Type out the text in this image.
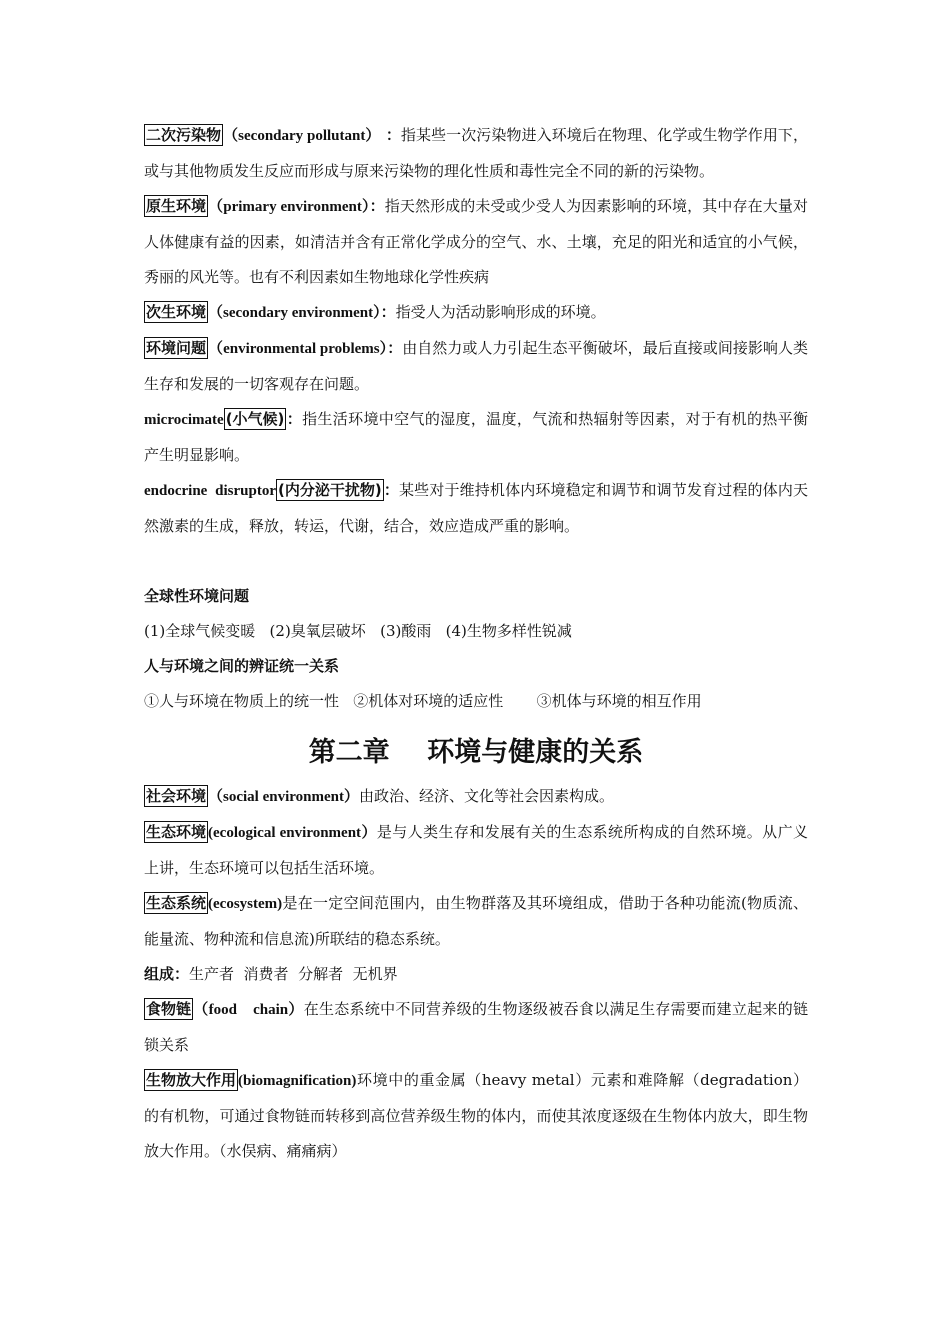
二次污染物 （secondary pollutant） ：指某些一次污染物进入环境后在物理、化学或生物学作用下，或与其他物质发生反应而形成与原来污染物的理化性质和毒性完全不同的新的污染物。

原生环境 （primary environment）：指天然形成的未受或少受人为因素影响的环境，其中存在大量对人体健康有益的因素，如清洁并含有正常化学成分的空气、水、土壤，充足的阳光和适宜的小气候，秀丽的风光等。也有不利因素如生物地球化学性疾病

次生环境 （secondary environment）：指受人为活动影响形成的环境。

环境问题 （environmental problems）：由自然力或人力引起生态平衡破坏，最后直接或间接影响人类生存和发展的一切客观存在问题。

microcimate (小气候) ：指生活环境中空气的湿度，温度，气流和热辐射等因素，对于有机的热平衡产生明显影响。

endocrine  disruptor (内分泌干扰物) ：某些对于维持机体内环境稳定和调节和调节发育过程的体内天然激素的生成，释放，转运，代谢，结合，效应造成严重的影响。

全球性环境问题

(1)全球气候变暖   (2)臭氧层破坏   (3)酸雨   (4)生物多样性锐减

人与环境之间的辨证统一关系

①人与环境在物质上的统一性   ②机体对环境的适应性       ③机体与环境的相互作用

第二章    环境与健康的关系

社会环境 （social environment）由政治、经济、文化等社会因素构成。

生态环境 (ecological environment）是与人类生存和发展有关的生态系统所构成的自然环境。从广义上讲，生态环境可以包括生活环境。

生态系统 (ecosystem)是在一定空间范围内，由生物群落及其环境组成，借助于各种功能流(物质流、能量流、物种流和信息流)所联结的稳态系统。

组成：生产者  消费者  分解者  无机界

食物链 （food    chain）在生态系统中不同营养级的生物逐级被吞食以满足生存需要而建立起来的链锁关系

生物放大作用 (biomagnification)环境中的重金属（heavy metal）元素和难降解（degradation）的有机物，可通过食物链而转移到高位营养级生物的体内，而使其浓度逐级在生物体内放大，即生物放大作用。（水俣病、痛痛病）
